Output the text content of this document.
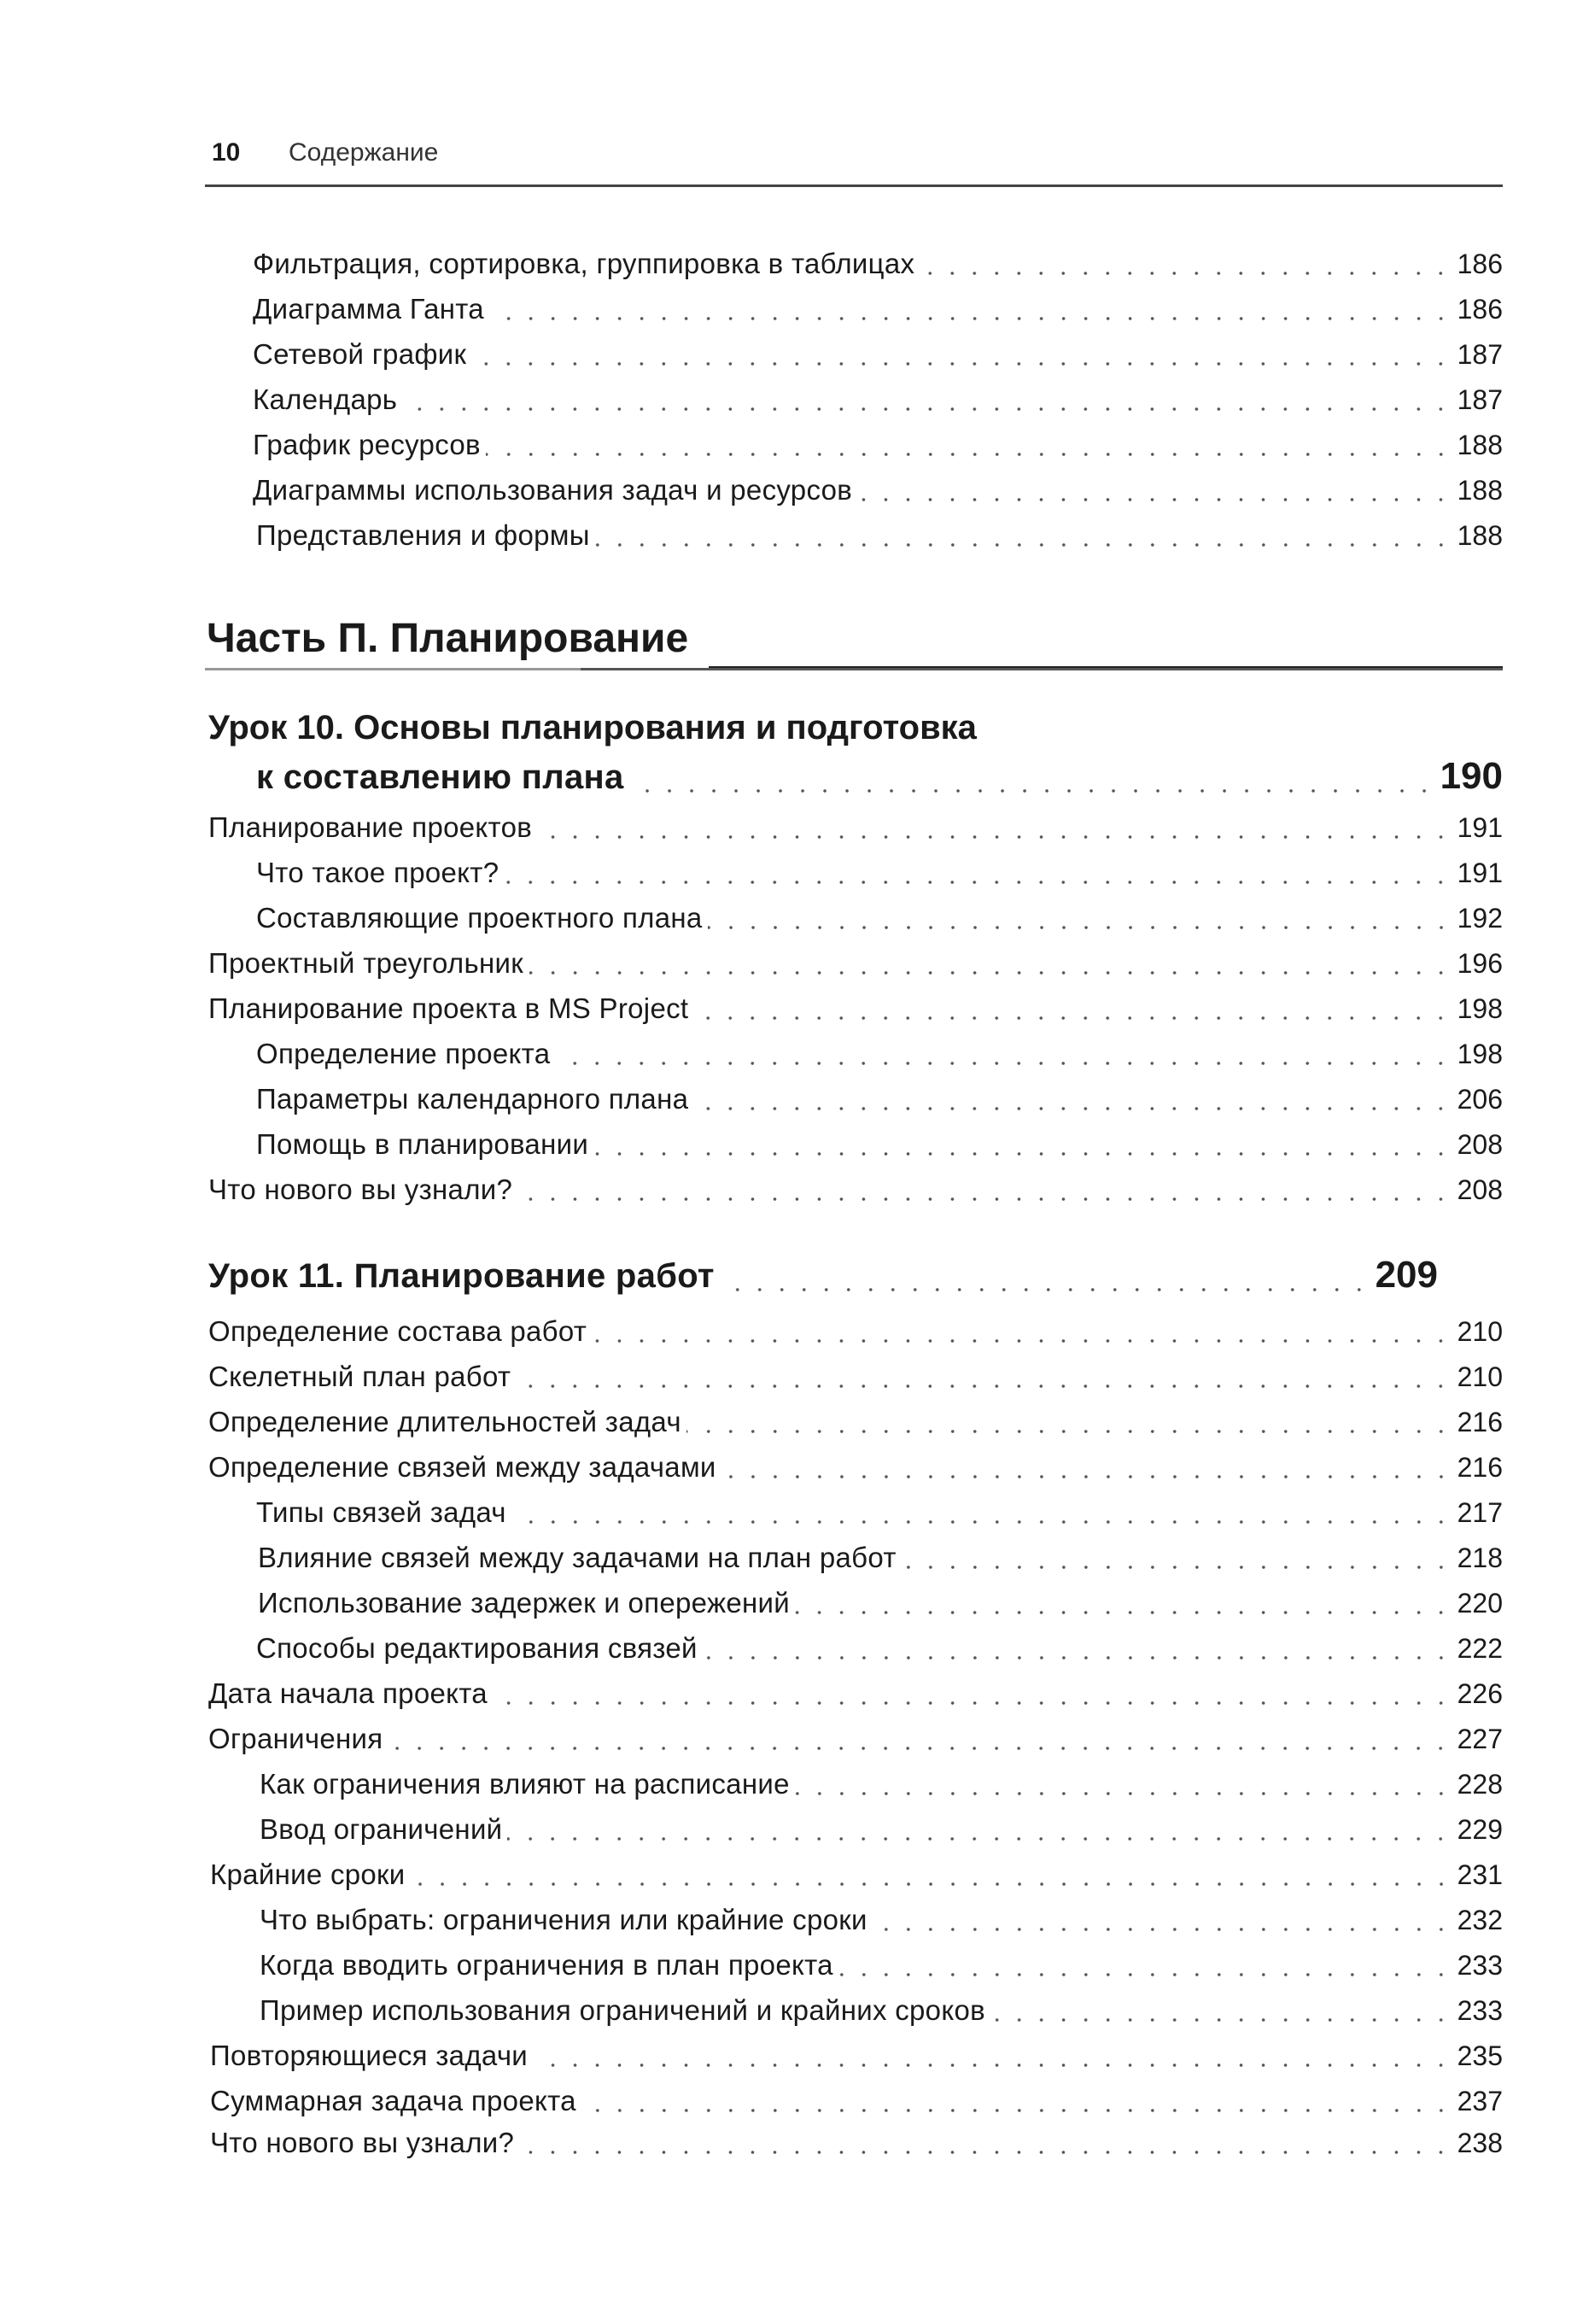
10 Содержание
Фильтрация, сортировка, группировка в таблицах	186
Диаграмма Ганта	186
Сетевой график	187
Календарь	187
График ресурсов	188
Диаграммы использования задач и ресурсов	188
Представления и формы	188
Часть П. Планирование
Урок 10. Основы планирования и подготовка
к составлению плана	190
Планирование проектов	191
Что такое проект?	191
Составляющие проектного плана	192
Проектный треугольник	196
Планирование проекта в MS Project	198
Определение проекта	198
Параметры календарного плана	206
Помощь в планировании	208
Что нового вы узнали?	208
Урок 11. Планирование работ	209
Определение состава работ	210
Скелетный план работ	210
Определение длительностей задач	216
Определение связей между задачами	216
Типы связей задач	217
Влияние связей между задачами на план работ	218
Использование задержек и опережений	220
Способы редактирования связей	222
Дата начала проекта	226
Ограничения	227
Как ограничения влияют на расписание	228
Ввод ограничений	229
Крайние сроки	231
Что выбрать: ограничения или крайние сроки	232
Когда вводить ограничения в план проекта	233
Пример использования ограничений и крайних сроков	233
Повторяющиеся задачи	235
Суммарная задача проекта	237
Что нового вы узнали?	238
